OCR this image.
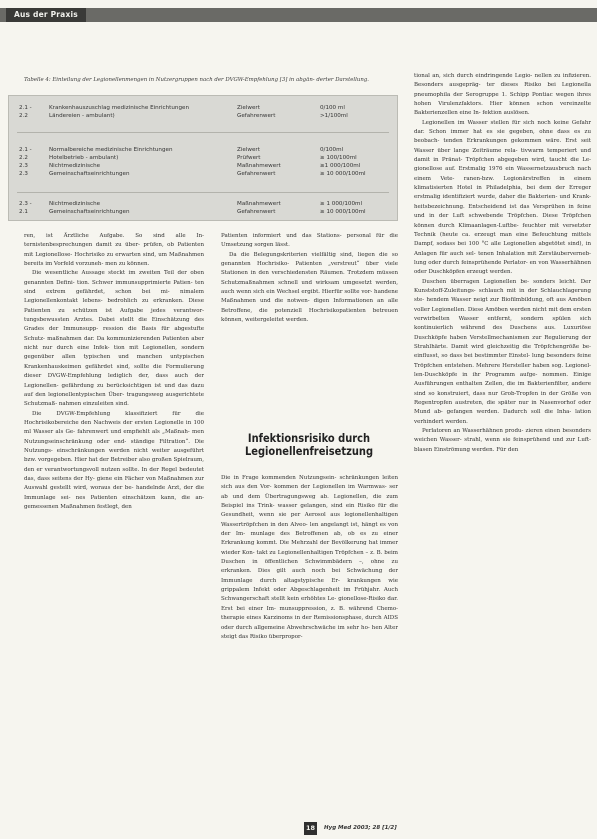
Aus der Praxis
Tabelle 4: Einteilung der Legionellenmengen in Nutzergruppen nach der DVGW-Empfehlung [3] in abgän- derter Darstellung.
2.1 -	Krankenhauszuschlag medizinische Einrichtungen	Zielwert	0/100 ml
2.2	Ländereien - ambulant)	Gefahrenwert	>1/100ml
2.1 -	Normalbereiche medizinische Einrichtungen	Zielwert	0/100ml
2.2	Hotelbetrieb - ambulant)	Prüfwert	≥ 100/100ml
2.3	Nichtmedizinische	Maßnahmewert	≥1 000/100ml
2.3	Gemeinschaftseinrichtungen	Gefahrenwert	≥ 10 000/100ml
2.3 -	Nichtmedizinische	Maßnahmewert	≥ 1 000/100ml
2.1	Gemeinschaftseinrichtungen	Gefahrenwert	≥ 10 000/100ml

ren, ist Ärztliche Aufgabe. So sind alle In- ternistenbesprechungen damit zu über- prüfen, ob Patienten mit Legionellose- Hochrisiko zu erwarten sind, um Maßnahmen bereits im Vorfeld vorzuneh- men zu können.

Die wesentliche Aussage steckt im zweiten Teil der oben genannten Defini- tion. Schwer immunsupprimierte Patien- ten sind extrem gefährdet, schon bei mi- nimalem Legionellenkontakt lebens- bedrohlich zu erkranken. Diese Patienten zu schützen ist Aufgabe jedes verantwor- tungsbewussten Arztes. Dabei stellt die Einschätzung des Grades der Immunsupp- ression die Basis für abgestufte Schutz- maßnahmen dar. Da kommunizierenden Patienten aber nicht nur durch eine Infek- tion mit Legionellen, sondern gegenüber allen typischen und manchen untypischen Krankenhauskeimen gefährdet sind, sollte die Formulierung dieser DVGW-Empfehlung lediglich der, dass auch der Legionellen- gefährdung zu berücksichtigen ist und das dazu auf den legionellentypischen Über- tragungsweg ausgerichtete Schutzmaß- nahmen einzuleiten sind.

Die DVGW-Empfehlung klassifiziert für die Hochrisikobereiche den Nachweis der ersten Legionelle in 100 ml Wasser als Ge- fahrenwert und empfiehlt als „Maßnah- men Nutzungseinschränkung oder end- ständige Filtration“. Die Nutzungs- einschränkungen werden nicht weiter ausgeführt bzw. vorgegeben. Hier hat der Betreiber also großen Spielraum, den er verantwortungsvoll nutzen sollte. In der Regel bedeutet das, dass seitens der Hy- giene ein Fächer von Maßnahmen zur Auswahl gestellt wird, woraus der be- handelnde Arzt, der die Immunlage sei- nes Patienten einschätzen kann, die an- gemessenen Maßnahmen festlegt, den

Patienten informiert und das Stations- personal für die Umsetzung sorgen lässt.

Da die Belegungskriterien vielfältig sind, liegen die so genannten Hochrisiko- Patienten „verstreut“ über viele Stationen in den verschiedensten Räumen. Trotzdem müssen Schutzmaßnahmen schnell und wirksam umgesetzt werden, auch wenn sich ein Wechsel ergibt. Hierfür sollte vor- handene Maßnahmen und die notwen- digen Informationen an alle Betroffene, die potenziell Hochrisikopatienten betreuen können, weitergeleitet werden.

Infektionsrisiko durch Legionellenfreisetzung

Die in Frage kommenden Nutzungsein- schränkungen leiten sich aus den Vor- kommen der Legionellen im Warmwas- ser ab und dem Übertragungsweg ab. Legionellen, die zum Beispiel ins Trink- wasser gelangen, sind ein Risiko für die Gesundheit, wenn sie per Aerosol aus legionellenhaltigen Wassertröpfchen in den Alveo- len angelangt ist, hängt es von der Im- munlage des Betroffenen ab, ob es zu einer Erkrankung kommt. Die Mehrzahl der Bevölkerung hat immer wieder Kon- takt zu Legionellenhaltigen Tröpfchen – z. B. beim Duschen in öffentlichen Schwimmbädern –, ohne zu erkranken. Dies gilt auch noch bei Schwächung der Immunlage durch altagstypische Er- krankungen wie grippalem Infekt oder Abgeschlagenheit im Frühjahr. Auch Schwangerschaft stellt kein erhöhtes Le- gionellose-Risiko dar. Erst bei einer Im- munsuppression, z. B. während Chemo- therapie eines Karzinoms in der Remissionsphase, durch AIDS oder durch allgemeine Abwehrschwäche im sehr ho- hen Alter steigt das Risiko überpropor-

tional an, sich durch eindringende Legio- nellen zu infizieren. Besonders ausgepräg- ter dieses Risiko bei Legionella pneumophila der Serogruppe 1. Schipp Pontiac wegen ihres hohen Virulenzfaktors. Hier können schon vereinzelte Bakterienzellen eine In- fektion auslösen.

Legionellen im Wasser stellen für sich noch keine Gefahr dar. Schon immer hat es sie gegeben, ohne dass es zu beobach- tenden Erkrankungen gekommen wäre. Erst seit Wasser über lange Zeiträume rela- tivwarm temperiert und damit in Pränat- Tröpfchen abgegeben wird, taucht die Le- gionellose auf. Erstmalig 1976 ein Wassernetzausbruch nach einem Vete- ranen-bzw. Legionärstreffen in einem klimatisierten Hotel in Philadelphia, bei dem der Erreger erstmalig identifiziert wurde, daher die Bakterien- und Krank- heitsbezeichnung. Entscheidend ist das Versprühen in feine und in der Luft schwebende Tröpfchen. Diese Tröpfchen können durch Klimaanlagen-Luftbe- feuchter mit versetzter Technik (heute ca. erzeugt man eine Befeuchtung mittels Dampf, sodass bei 100 °C alle Legionellen abgetötet sind), in Anlagen für auch sel- tenen Inhalation mit Zerstäuberverneb- lung oder durch feinsprühende Perlator- en von Wasserhähnen oder Duschköpfen erzeugt werden.

Duschen überragen Legionellen be- sonders leicht. Der Kunststoff-Zuleitungs- schlauch mit in der Schlauchlagerung ste- hendem Wasser neigt zur Biofilmbildung, oft aus Amöben voller Legionellen. Diese Amöben werden nicht mit dem ersten verwirbelten Wasser entfernt, sondern spülen sich kontinuierlich während des Duschens aus. Luxuriöse Duschköpfe haben Verstellmechanismen zur Regulierung der Strahlhärte. Damit wird gleichzeitig die Tröpfchengröße be- einflusst, so dass bei bestimmter Einstel- lung besonders feine Tröpfchen entstehen. Mehrere Hersteller haben sog. Legionel- len-Duschköpfe in ihr Programm aufge- nommen. Einige Ausführungen enthalten Zellen, die im Bakterienfilter, andere sind so konstruiert, dass nur Grob-Tropfen in der Größe von Regentropfen austreten, die später nur in Nasenvorhof oder Mund ab- gefangen werden. Dadurch soll die Inha- lation verhindert werden.

Perlatoren an Wasserhähnen produ- zieren einen besonders weichen Wasser- strahl, wenn sie feinsprühend und zur Luft- blasen Einströmung werden. Für den

18	Hyg Med 2003; 28 [1/2]
